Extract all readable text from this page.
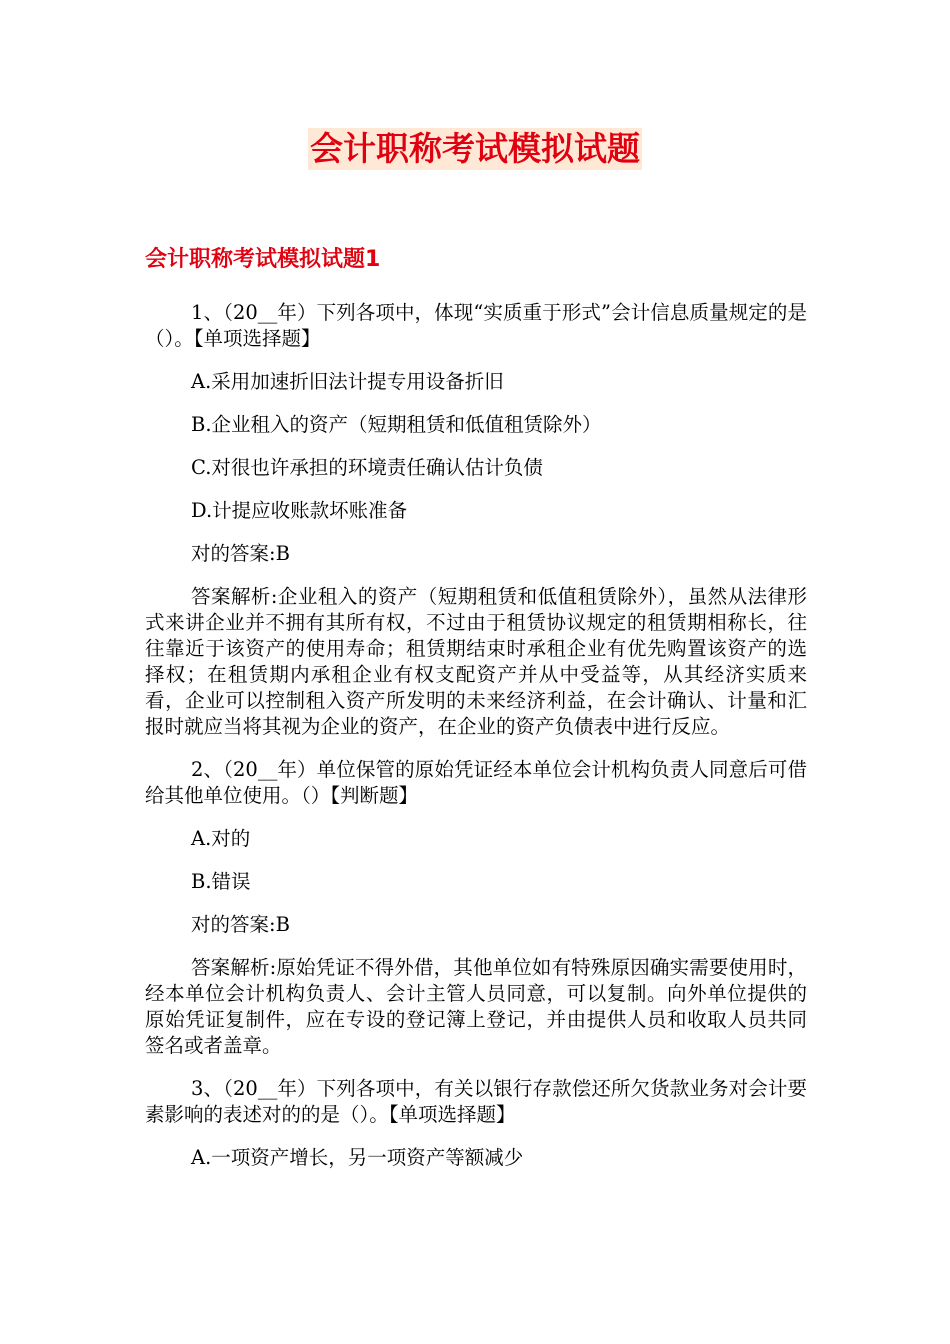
会计职称考试模拟试题
会计职称考试模拟试题1

1、（20__年）下列各项中，体现“实质重于形式”会计信息质量规定的是（）。【单项选择题】

A.采用加速折旧法计提专用设备折旧

B.企业租入的资产（短期租赁和低值租赁除外）

C.对很也许承担的环境责任确认估计负债

D.计提应收账款坏账准备

对的答案:B

答案解析:企业租入的资产（短期租赁和低值租赁除外），虽然从法律形式来讲企业并不拥有其所有权，不过由于租赁协议规定的租赁期相称长，往往靠近于该资产的使用寿命；租赁期结束时承租企业有优先购置该资产的选择权；在租赁期内承租企业有权支配资产并从中受益等，从其经济实质来看，企业可以控制租入资产所发明的未来经济利益，在会计确认、计量和汇报时就应当将其视为企业的资产，在企业的资产负债表中进行反应。

2、（20__年）单位保管的原始凭证经本单位会计机构负责人同意后可借给其他单位使用。（）【判断题】

A.对的

B.错误

对的答案:B

答案解析:原始凭证不得外借，其他单位如有特殊原因确实需要使用时，经本单位会计机构负责人、会计主管人员同意，可以复制。向外单位提供的原始凭证复制件，应在专设的登记簿上登记，并由提供人员和收取人员共同签名或者盖章。

3、（20__年）下列各项中，有关以银行存款偿还所欠货款业务对会计要素影响的表述对的的是（）。【单项选择题】

A.一项资产增长，另一项资产等额减少
